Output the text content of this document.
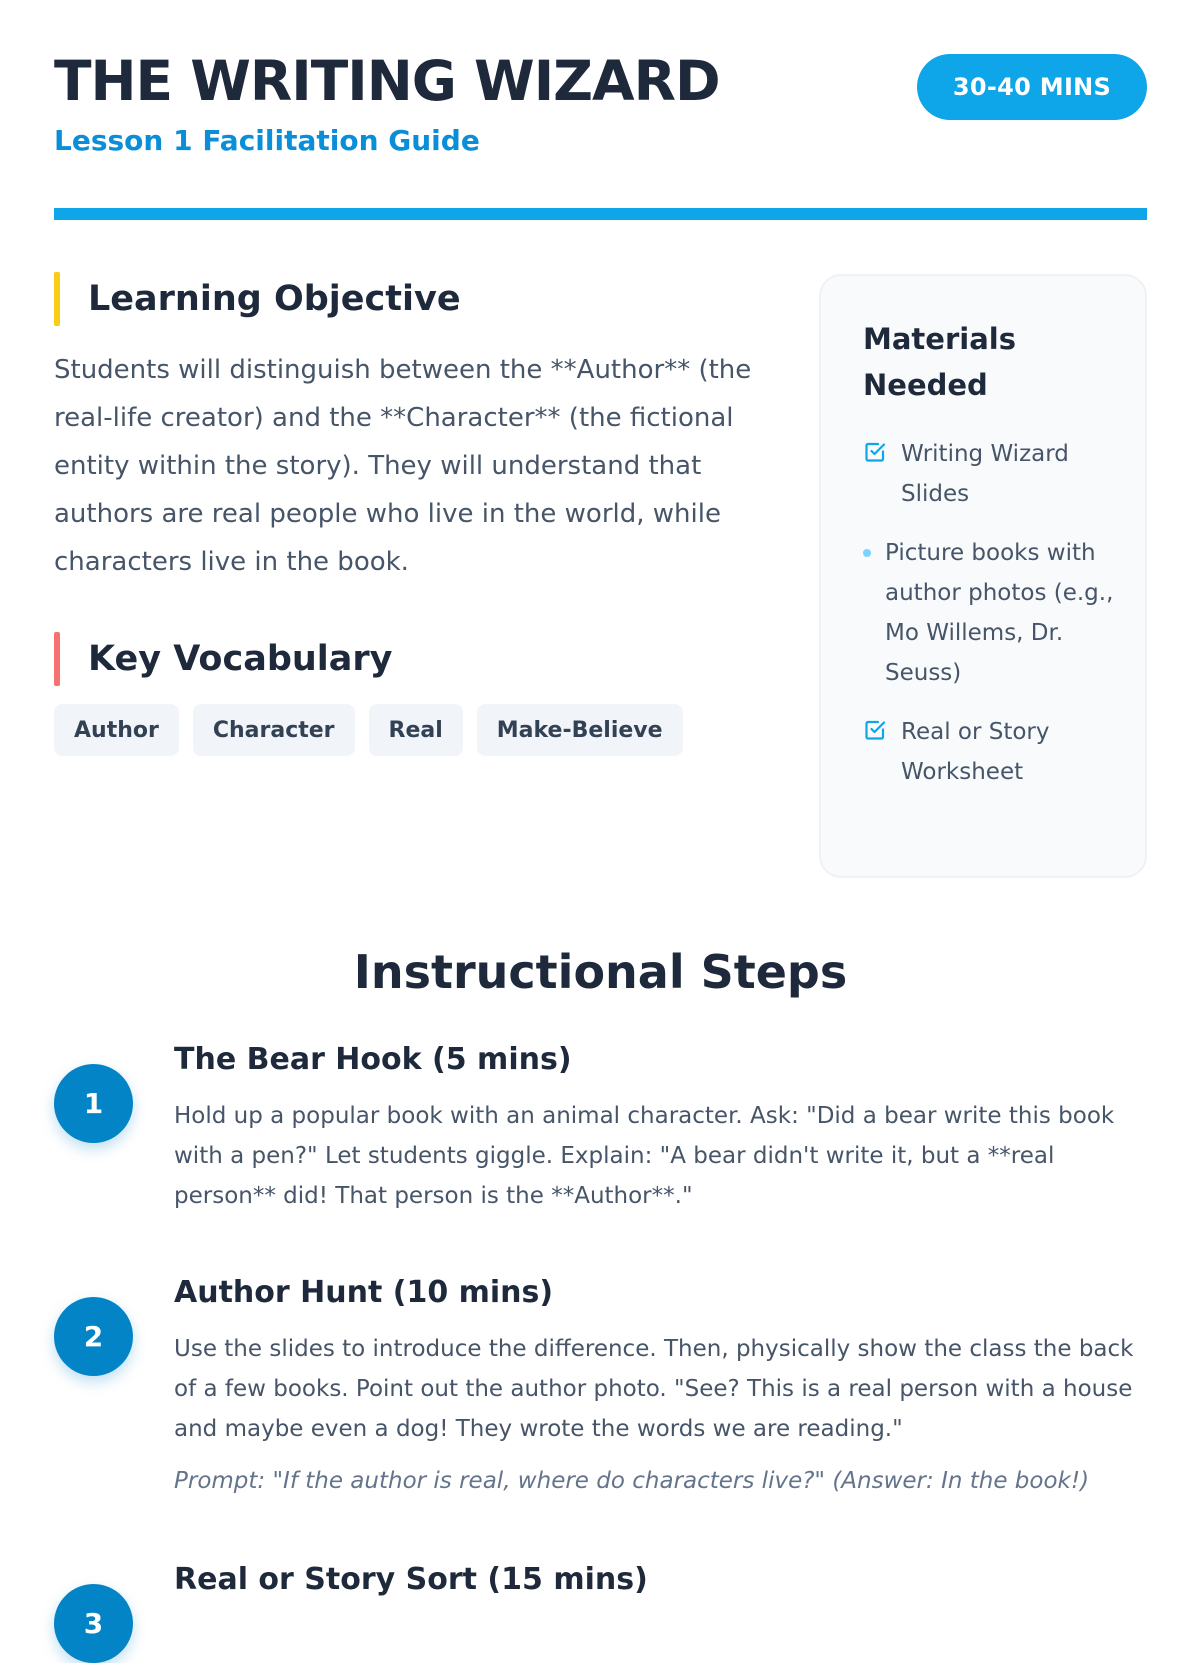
THE WRITING WIZARD
Lesson 1 Facilitation Guide
30-40 MINS
Learning Objective

Students will distinguish between the **Author** (the real-life creator) and the **Character** (the fictional entity within the story). They will understand that authors are real people who live in the world, while characters live in the book.

Key Vocabulary
Author	Character	Real	Make-Believe
Materials Needed
Writing Wizard Slides
Picture books with author photos (e.g., Mo Willems, Dr. Seuss)
Real or Story Worksheet
Instructional Steps
1
The Bear Hook (5 mins)

Hold up a popular book with an animal character. Ask: "Did a bear write this book with a pen?" Let students giggle. Explain: "A bear didn't write it, but a **real person** did! That person is the **Author**."

2
Author Hunt (10 mins)

Use the slides to introduce the difference. Then, physically show the class the back of a few books. Point out the author photo. "See? This is a real person with a house and maybe even a dog! They wrote the words we are reading."

Prompt: "If the author is real, where do characters live?" (Answer: In the book!)

3
Real or Story Sort (15 mins)
